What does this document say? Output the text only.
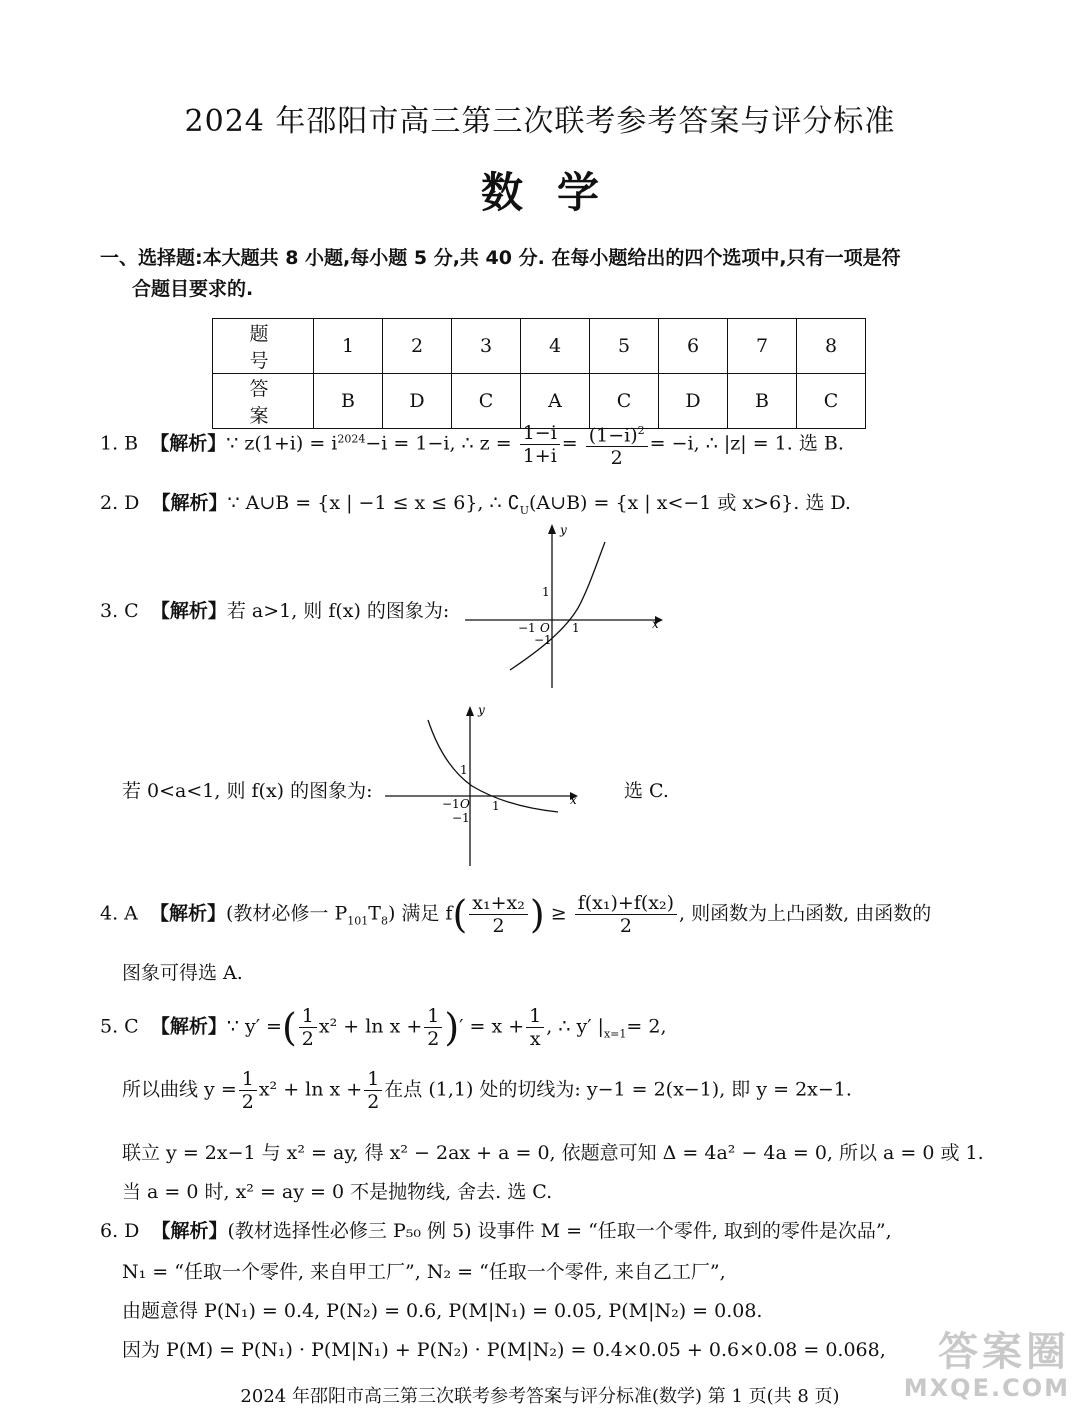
2024 年邵阳市高三第三次联考参考答案与评分标准
数学
一、选择题:本大题共 8 小题,每小题 5 分,共 40 分. 在每小题给出的四个选项中,只有一项是符
合题目要求的.
题 号	1	2	3	4	5	6	7	8
答 案	B	D	C	A	C	D	B	C
1. B 【解析】∵ $z(1+i) = i^{2024}-i = 1-i$, ∴ $z = \frac{1-i}{1+i} = \frac{(1-i)^2}{2} = -i$, ∴ |z| = 1. 选 B.
2. D 【解析】∵ A∪B = {x | −1 ≤ x ≤ 6}, ∴ $∁_U(A\cup B) = \{x$ | x<−1 或 x>6}. 选 D.
3. C 【解析】若 a>1, 则 f(x) 的图象为:
y
x
1
−1 O 1
−1
若 0<a<1, 则 f(x) 的图象为:
y
x
1
−1 O 1
−1
选 C.
4. A 【解析】(教材必修一 $P_{101}T_8$) 满足 $f( \frac{\text{x₁+x₂}}{2}$ ) ≥ $\frac{\text{f(x₁)+f(x₂)}}{2}$ , 则函数为上凸函数, 由函数的
图象可得选 A.
5. C 【解析】∵ y′ =( $\frac{1}{2} x^2 + \ln x + \frac{1}{2}$ )′ = $x + \frac{1}{x}$ , ∴ y′ $|_{x=1}= 2$,
所以曲线 $y = \frac{1}{2} x^2 + \ln x + \frac{1}{2}$ 在点 (1,1) 处的切线为: y−1 = 2(x−1), 即 y = 2x−1.
联立 y = 2x−1 与 x² = ay, 得 x² − 2ax + a = 0, 依题意可知 Δ = 4a² − 4a = 0, 所以 a = 0 或 1.
当 a = 0 时, x² = ay = 0 不是抛物线, 舍去. 选 C.
6. D 【解析】(教材选择性必修三 P₅₀ 例 5) 设事件 M = “任取一个零件, 取到的零件是次品”,
N₁ = “任取一个零件, 来自甲工厂”, N₂ = “任取一个零件, 来自乙工厂”,
由题意得 P(N₁) = 0.4, P(N₂) = 0.6, P(M|N₁) = 0.05, P(M|N₂) = 0.08.
因为 P(M) = P(N₁) · P(M|N₁) + P(N₂) · P(M|N₂) = 0.4×0.05 + 0.6×0.08 = 0.068,
2024 年邵阳市高三第三次联考参考答案与评分标准(数学) 第 1 页(共 8 页)
答案圈
MXQE.COM
